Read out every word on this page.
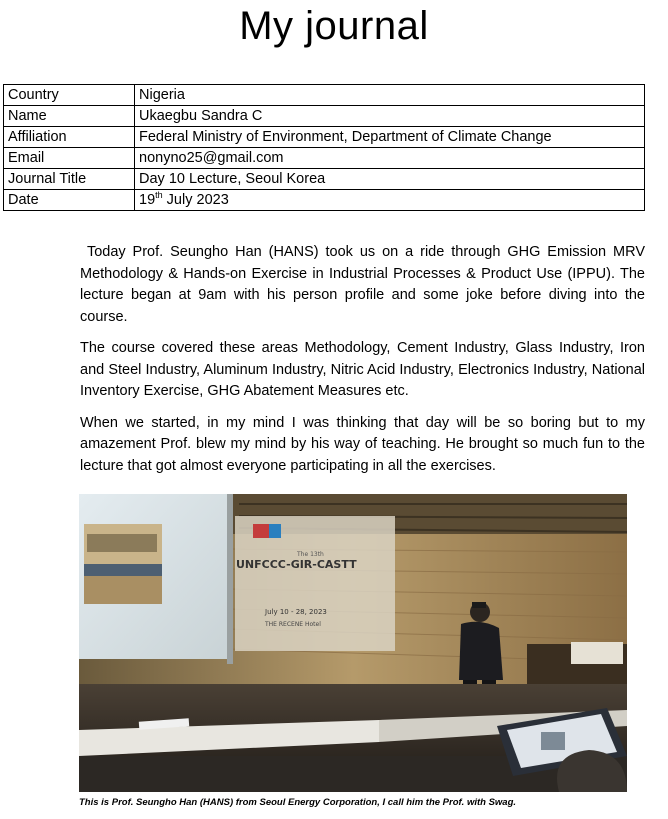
My journal
Country	Nigeria
Name	Ukaegbu Sandra C
Affiliation	Federal Ministry of Environment, Department of Climate Change
Email	nonyno25@gmail.com
Journal Title	Day 10 Lecture, Seoul Korea
Date	19th July 2023

Today Prof. Seungho Han (HANS) took us on a ride through GHG Emission MRV Methodology & Hands-on Exercise in Industrial Processes & Product Use (IPPU). The lecture began at 9am with his person profile and some joke before diving into the course.

The course covered these areas Methodology, Cement Industry, Glass Industry, Iron and Steel Industry, Aluminum Industry, Nitric Acid Industry, Electronics Industry, National Inventory Exercise, GHG Abatement Measures etc.

When we started, in my mind I was thinking that day will be so boring but to my amazement Prof. blew my mind by his way of teaching. He brought so much fun to the lecture that got almost everyone participating in all the exercises.

The 13th
UNFCCC-GIR-CASTT
July 10 - 28, 2023
THE RECENE Hotel
This is Prof. Seungho Han (HANS) from Seoul Energy Corporation, I call him the Prof. with Swag.
